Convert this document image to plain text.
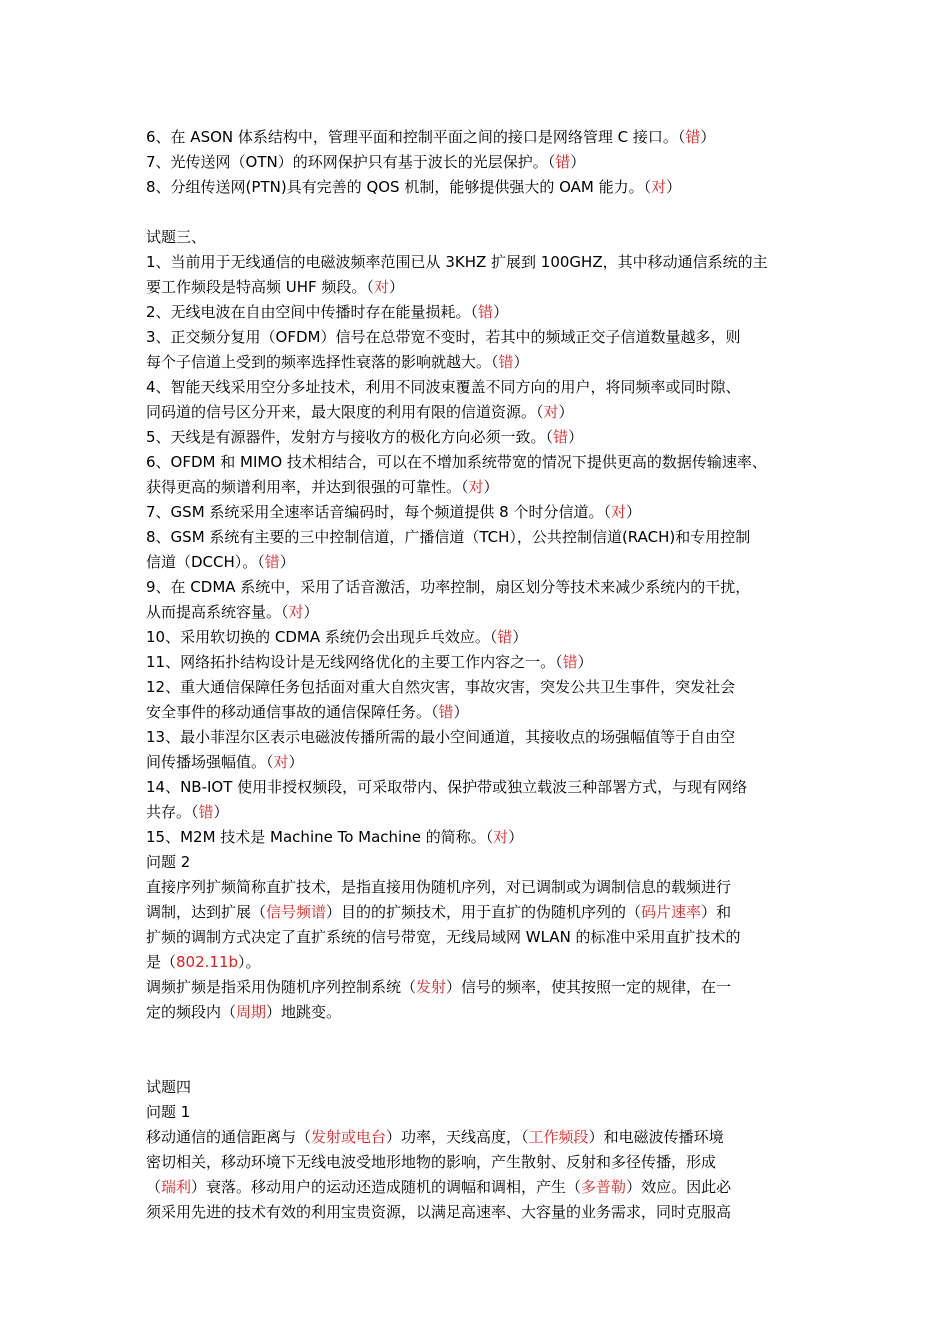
6、在 ASON 体系结构中，管理平面和控制平面之间的接口是网络管理 C 接口。（错）
7、光传送网（OTN）的环网保护只有基于波长的光层保护。（错）
8、分组传送网(PTN)具有完善的 QOS 机制，能够提供强大的 OAM 能力。（对）
试题三、
1、当前用于无线通信的电磁波频率范围已从 3KHZ 扩展到 100GHZ，其中移动通信系统的主
要工作频段是特高频 UHF 频段。（对）
2、无线电波在自由空间中传播时存在能量损耗。（错）
3、正交频分复用（OFDM）信号在总带宽不变时，若其中的频域正交子信道数量越多，则
每个子信道上受到的频率选择性衰落的影响就越大。（错）
4、智能天线采用空分多址技术，利用不同波束覆盖不同方向的用户，将同频率或同时隙、
同码道的信号区分开来，最大限度的利用有限的信道资源。（对）
5、天线是有源器件，发射方与接收方的极化方向必须一致。（错）
6、OFDM 和 MIMO 技术相结合，可以在不增加系统带宽的情况下提供更高的数据传输速率、
获得更高的频谱利用率，并达到很强的可靠性。（对）
7、GSM 系统采用全速率话音编码时，每个频道提供 8 个时分信道。（对）
8、GSM 系统有主要的三中控制信道，广播信道（TCH），公共控制信道(RACH)和专用控制
信道（DCCH）。（错）
9、在 CDMA 系统中，采用了话音激活，功率控制，扇区划分等技术来减少系统内的干扰，
从而提高系统容量。（对）
10、采用软切换的 CDMA 系统仍会出现乒乓效应。（错）
11、网络拓扑结构设计是无线网络优化的主要工作内容之一。（错）
12、重大通信保障任务包括面对重大自然灾害，事故灾害，突发公共卫生事件，突发社会
安全事件的移动通信事故的通信保障任务。（错）
13、最小菲涅尔区表示电磁波传播所需的最小空间通道，其接收点的场强幅值等于自由空
间传播场强幅值。（对）
14、NB-IOT 使用非授权频段，可采取带内、保护带或独立载波三种部署方式，与现有网络
共存。（错）
15、M2M 技术是 Machine To Machine 的简称。（对）
问题 2
直接序列扩频简称直扩技术，是指直接用伪随机序列，对已调制或为调制信息的载频进行
调制，达到扩展（信号频谱）目的的扩频技术，用于直扩的伪随机序列的（码片速率）和
扩频的调制方式决定了直扩系统的信号带宽，无线局域网 WLAN 的标准中采用直扩技术的
是（802.11b）。
调频扩频是指采用伪随机序列控制系统（发射）信号的频率，使其按照一定的规律，在一
定的频段内（周期）地跳变。
试题四
问题 1
移动通信的通信距离与（发射或电台）功率，天线高度，（工作频段）和电磁波传播环境
密切相关，移动环境下无线电波受地形地物的影响，产生散射、反射和多径传播，形成
（瑞利）衰落。移动用户的运动还造成随机的调幅和调相，产生（多普勒）效应。因此必
须采用先进的技术有效的利用宝贵资源，以满足高速率、大容量的业务需求，同时克服高
